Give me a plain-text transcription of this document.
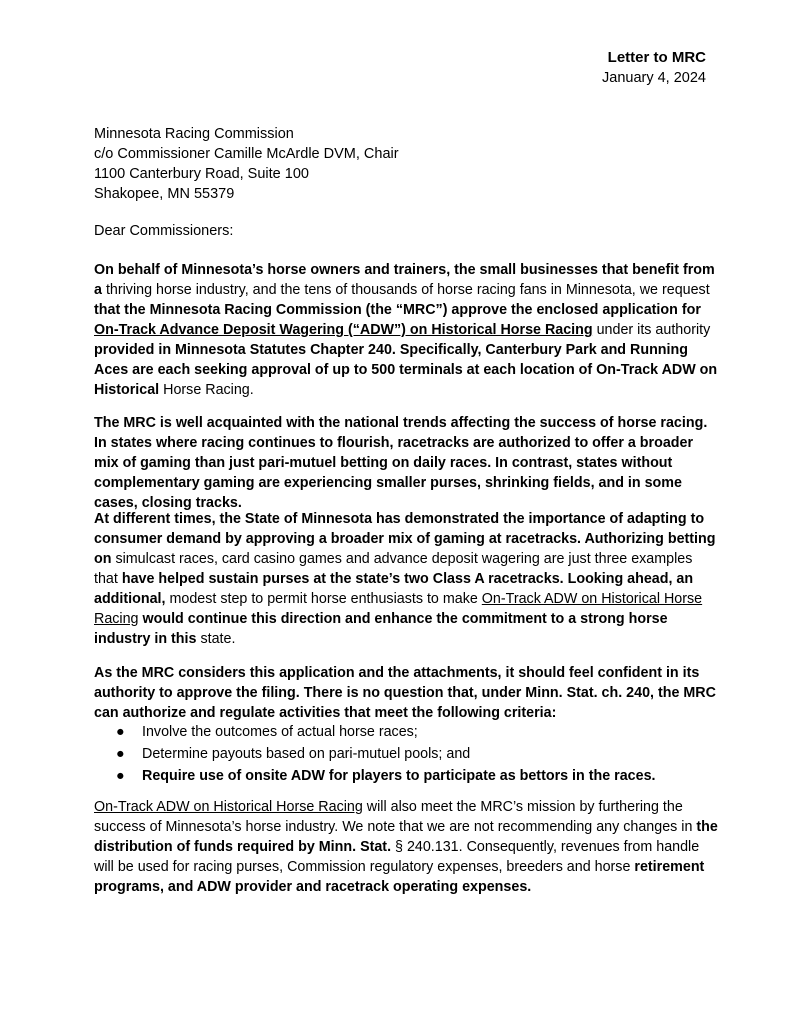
Letter to MRC
January 4, 2024
Minnesota Racing Commission
c/o Commissioner Camille McArdle DVM, Chair
1100 Canterbury Road, Suite 100
Shakopee, MN 55379
Dear Commissioners:
On behalf of Minnesota’s horse owners and trainers, the small businesses that benefit from a thriving horse industry, and the tens of thousands of horse racing fans in Minnesota, we request that the Minnesota Racing Commission (the “MRC”) approve the enclosed application for On-Track Advance Deposit Wagering (“ADW”) on Historical Horse Racing under its authority provided in Minnesota Statutes Chapter 240. Specifically, Canterbury Park and Running Aces are each seeking approval of up to 500 terminals at each location of On-Track ADW on Historical Horse Racing.
The MRC is well acquainted with the national trends affecting the success of horse racing. In states where racing continues to flourish, racetracks are authorized to offer a broader mix of gaming than just pari-mutuel betting on daily races. In contrast, states without complementary gaming are experiencing smaller purses, shrinking fields, and in some cases, closing tracks.
At different times, the State of Minnesota has demonstrated the importance of adapting to consumer demand by approving a broader mix of gaming at racetracks. Authorizing betting on simulcast races, card casino games and advance deposit wagering are just three examples that have helped sustain purses at the state’s two Class A racetracks. Looking ahead, an additional, modest step to permit horse enthusiasts to make On-Track ADW on Historical Horse Racing would continue this direction and enhance the commitment to a strong horse industry in this state.
As the MRC considers this application and the attachments, it should feel confident in its authority to approve the filing. There is no question that, under Minn. Stat. ch. 240, the MRC can authorize and regulate activities that meet the following criteria:
● Involve the outcomes of actual horse races;
● Determine payouts based on pari-mutuel pools; and
● Require use of onsite ADW for players to participate as bettors in the races.
On-Track ADW on Historical Horse Racing will also meet the MRC’s mission by furthering the success of Minnesota’s horse industry. We note that we are not recommending any changes in the distribution of funds required by Minn. Stat. § 240.131. Consequently, revenues from handle will be used for racing purses, Commission regulatory expenses, breeders and horse retirement programs, and ADW provider and racetrack operating expenses.
